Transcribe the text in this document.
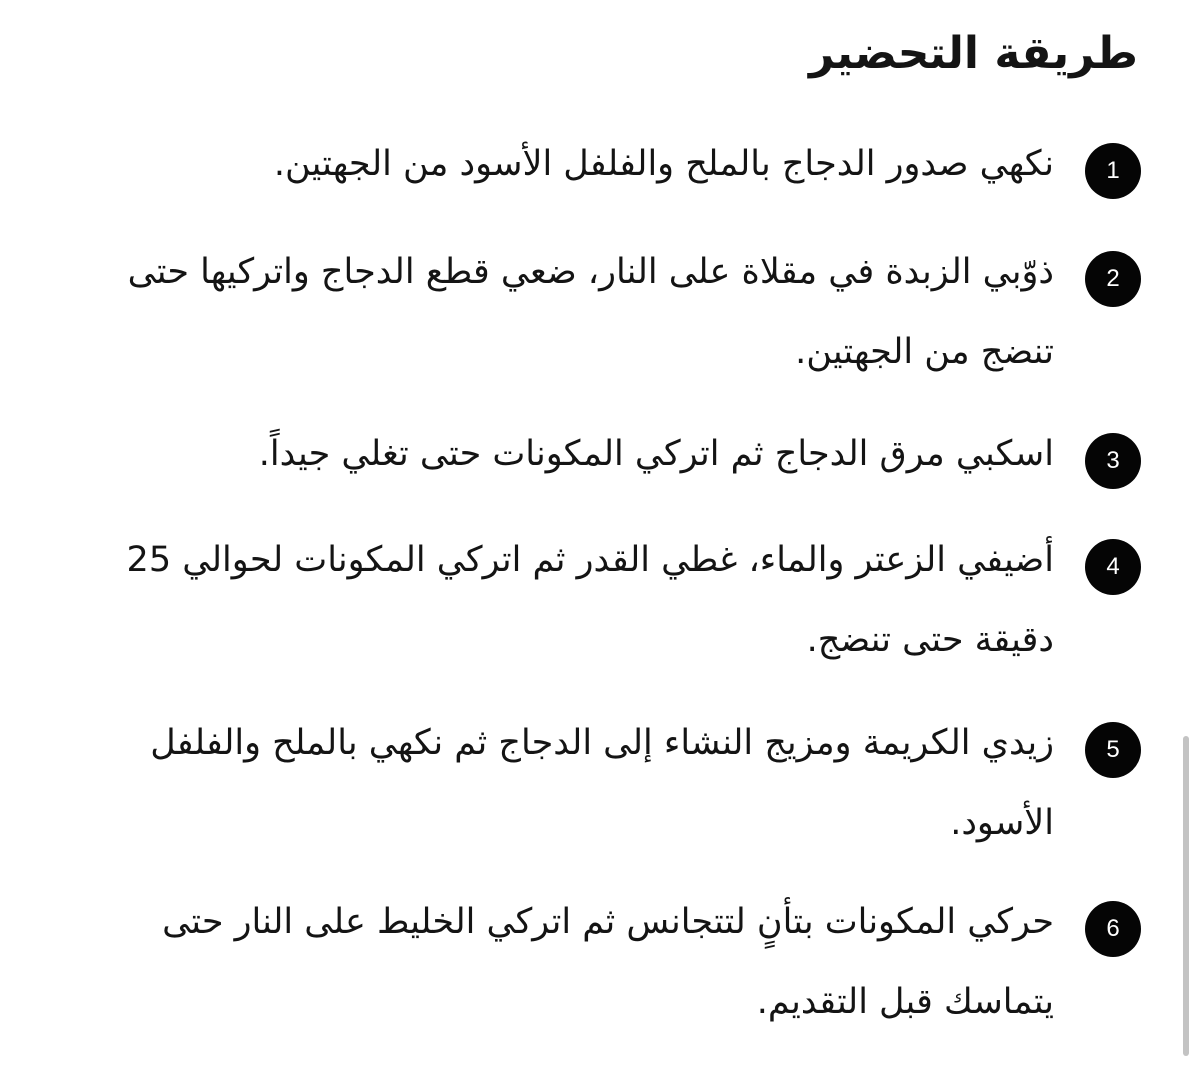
طريقة التحضير
1

نكهي صدور الدجاج بالملح والفلفل الأسود من الجهتين.

2

ذوّبي الزبدة في مقلاة على النار، ضعي قطع الدجاج واتركيها حتى تنضج من الجهتين.

3

اسكبي مرق الدجاج ثم اتركي المكونات حتى تغلي جيداً.

4

أضيفي الزعتر والماء، غطي القدر ثم اتركي المكونات لحوالي 25 دقيقة حتى تنضج.

5

زيدي الكريمة ومزيج النشاء إلى الدجاج ثم نكهي بالملح والفلفل الأسود.

6

حركي المكونات بتأنٍ لتتجانس ثم اتركي الخليط على النار حتى يتماسك قبل التقديم.
